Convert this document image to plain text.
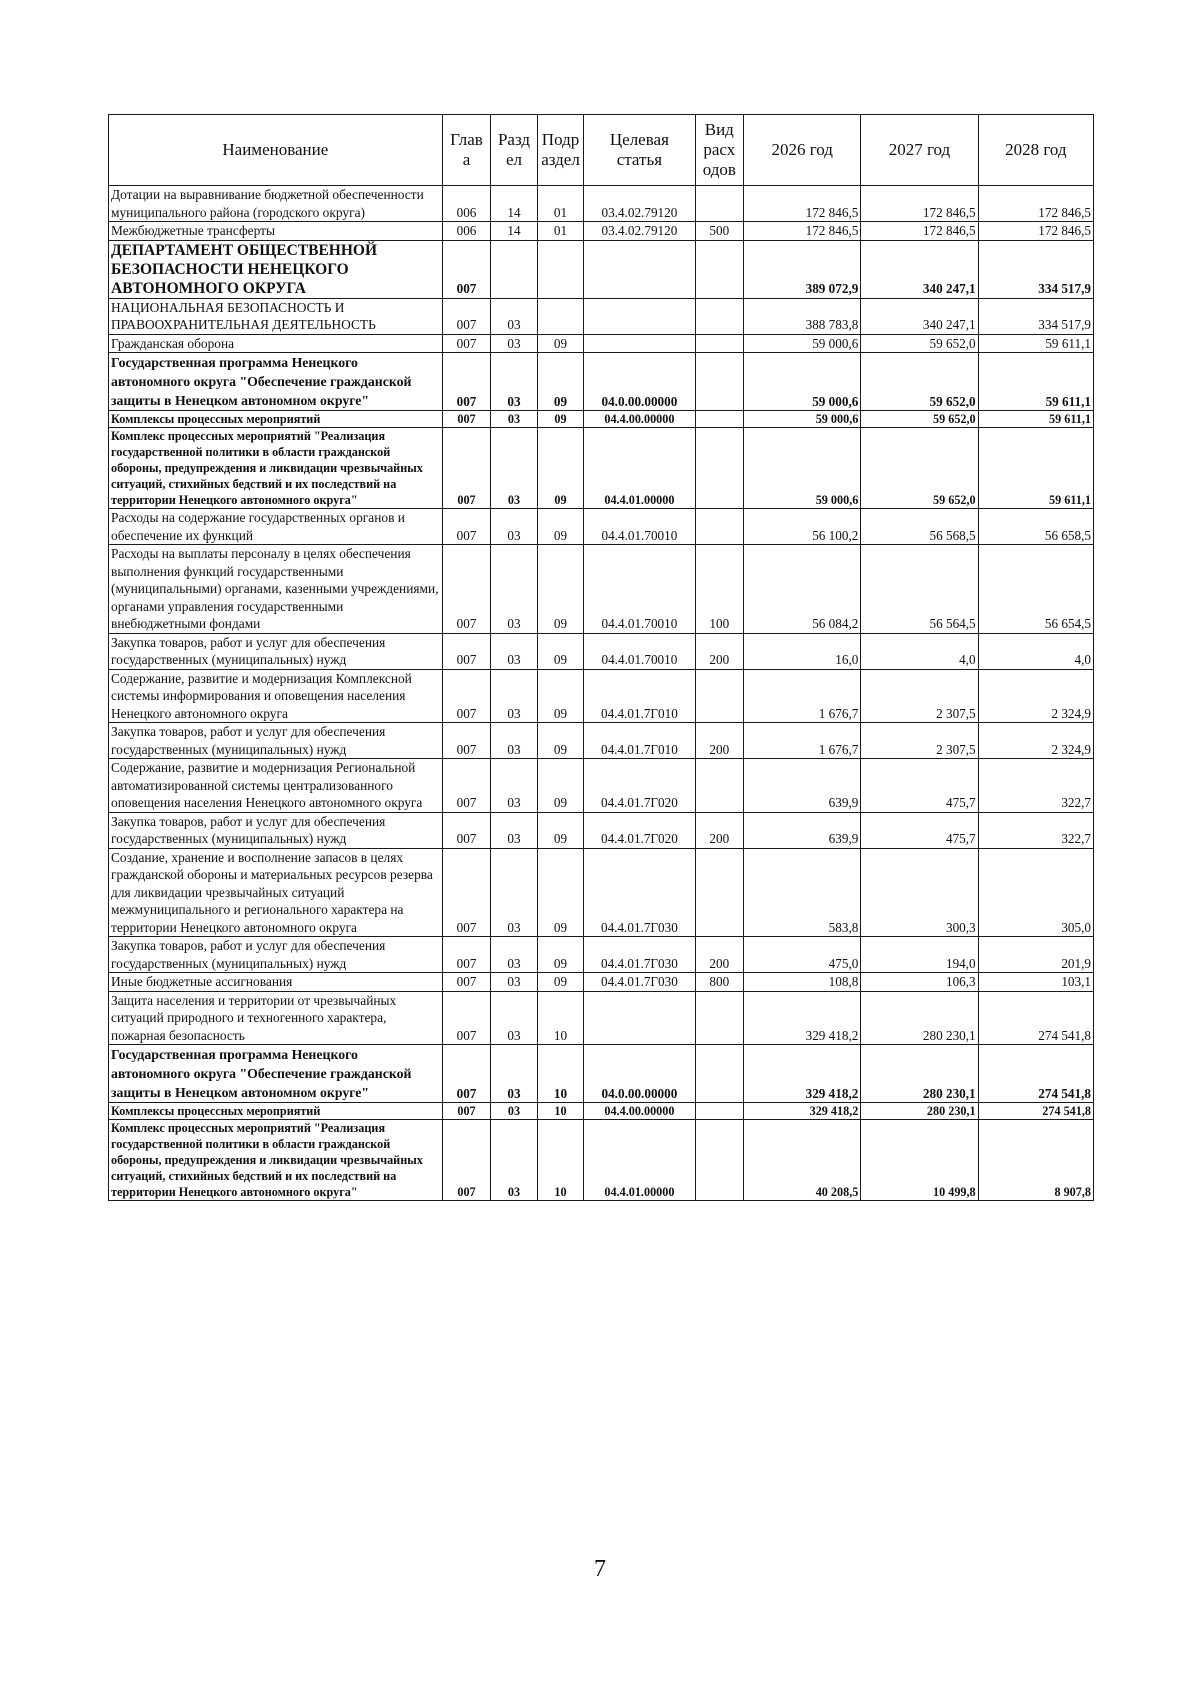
Наименование	Глав а	Разд ел	Подр аздел	Целевая статья	Вид расх одов	2026 год	2027 год	2028 год
Дотации на выравнивание бюджетной обеспеченности муниципального района (городского округа)	006	14	01	03.4.02.79120		172 846,5	172 846,5	172 846,5
Межбюджетные трансферты	006	14	01	03.4.02.79120	500	172 846,5	172 846,5	172 846,5
ДЕПАРТАМЕНТ ОБЩЕСТВЕННОЙ БЕЗОПАСНОСТИ НЕНЕЦКОГО АВТОНОМНОГО ОКРУГА	007					389 072,9	340 247,1	334 517,9
НАЦИОНАЛЬНАЯ БЕЗОПАСНОСТЬ И ПРАВООХРАНИТЕЛЬНАЯ ДЕЯТЕЛЬНОСТЬ	007	03				388 783,8	340 247,1	334 517,9
Гражданская оборона	007	03	09			59 000,6	59 652,0	59 611,1
Государственная программа Ненецкого автономного округа "Обеспечение гражданской защиты в Ненецком автономном округе"	007	03	09	04.0.00.00000		59 000,6	59 652,0	59 611,1
Комплексы процессных мероприятий	007	03	09	04.4.00.00000		59 000,6	59 652,0	59 611,1
Комплекс процессных мероприятий "Реализация государственной политики в области гражданской обороны, предупреждения и ликвидации чрезвычайных ситуаций, стихийных бедствий и их последствий на территории Ненецкого автономного округа"	007	03	09	04.4.01.00000		59 000,6	59 652,0	59 611,1
Расходы на содержание государственных органов и обеспечение их функций	007	03	09	04.4.01.70010		56 100,2	56 568,5	56 658,5
Расходы на выплаты персоналу в целях обеспечения выполнения функций государственными (муниципальными) органами, казенными учреждениями, органами управления государственными внебюджетными фондами	007	03	09	04.4.01.70010	100	56 084,2	56 564,5	56 654,5
Закупка товаров, работ и услуг для обеспечения государственных (муниципальных) нужд	007	03	09	04.4.01.70010	200	16,0	4,0	4,0
Содержание, развитие и модернизация Комплексной системы информирования и оповещения населения Ненецкого автономного округа	007	03	09	04.4.01.7Г010		1 676,7	2 307,5	2 324,9
Закупка товаров, работ и услуг для обеспечения государственных (муниципальных) нужд	007	03	09	04.4.01.7Г010	200	1 676,7	2 307,5	2 324,9
Содержание, развитие и модернизация Региональной автоматизированной системы централизованного оповещения населения Ненецкого автономного округа	007	03	09	04.4.01.7Г020		639,9	475,7	322,7
Закупка товаров, работ и услуг для обеспечения государственных (муниципальных) нужд	007	03	09	04.4.01.7Г020	200	639,9	475,7	322,7
Создание, хранение и восполнение запасов в целях гражданской обороны и материальных ресурсов резерва для ликвидации чрезвычайных ситуаций межмуниципального и регионального характера на территории Ненецкого автономного округа	007	03	09	04.4.01.7Г030		583,8	300,3	305,0
Закупка товаров, работ и услуг для обеспечения государственных (муниципальных) нужд	007	03	09	04.4.01.7Г030	200	475,0	194,0	201,9
Иные бюджетные ассигнования	007	03	09	04.4.01.7Г030	800	108,8	106,3	103,1
Защита населения и территории от чрезвычайных ситуаций природного и техногенного характера, пожарная безопасность	007	03	10			329 418,2	280 230,1	274 541,8
Государственная программа Ненецкого автономного округа "Обеспечение гражданской защиты в Ненецком автономном округе"	007	03	10	04.0.00.00000		329 418,2	280 230,1	274 541,8
Комплексы процессных мероприятий	007	03	10	04.4.00.00000		329 418,2	280 230,1	274 541,8
Комплекс процессных мероприятий "Реализация государственной политики в области гражданской обороны, предупреждения и ликвидации чрезвычайных ситуаций, стихийных бедствий и их последствий на территории Ненецкого автономного округа"	007	03	10	04.4.01.00000		40 208,5	10 499,8	8 907,8
7
